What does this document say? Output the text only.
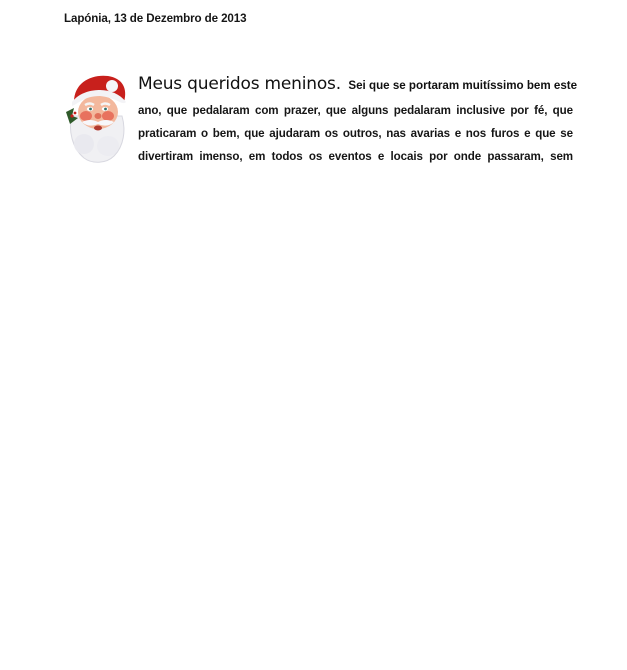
Lapónia, 13 de Dezembro de 2013
Meus queridos meninos. Sei que se portaram muitíssimo bem este
ano, que pedalaram com prazer, que alguns pedalaram inclusive por fé, que
praticaram o bem, que ajudaram os outros, nas avarias e nos furos e que se
divertiram imenso, em todos os eventos e locais por onde passaram, sem
